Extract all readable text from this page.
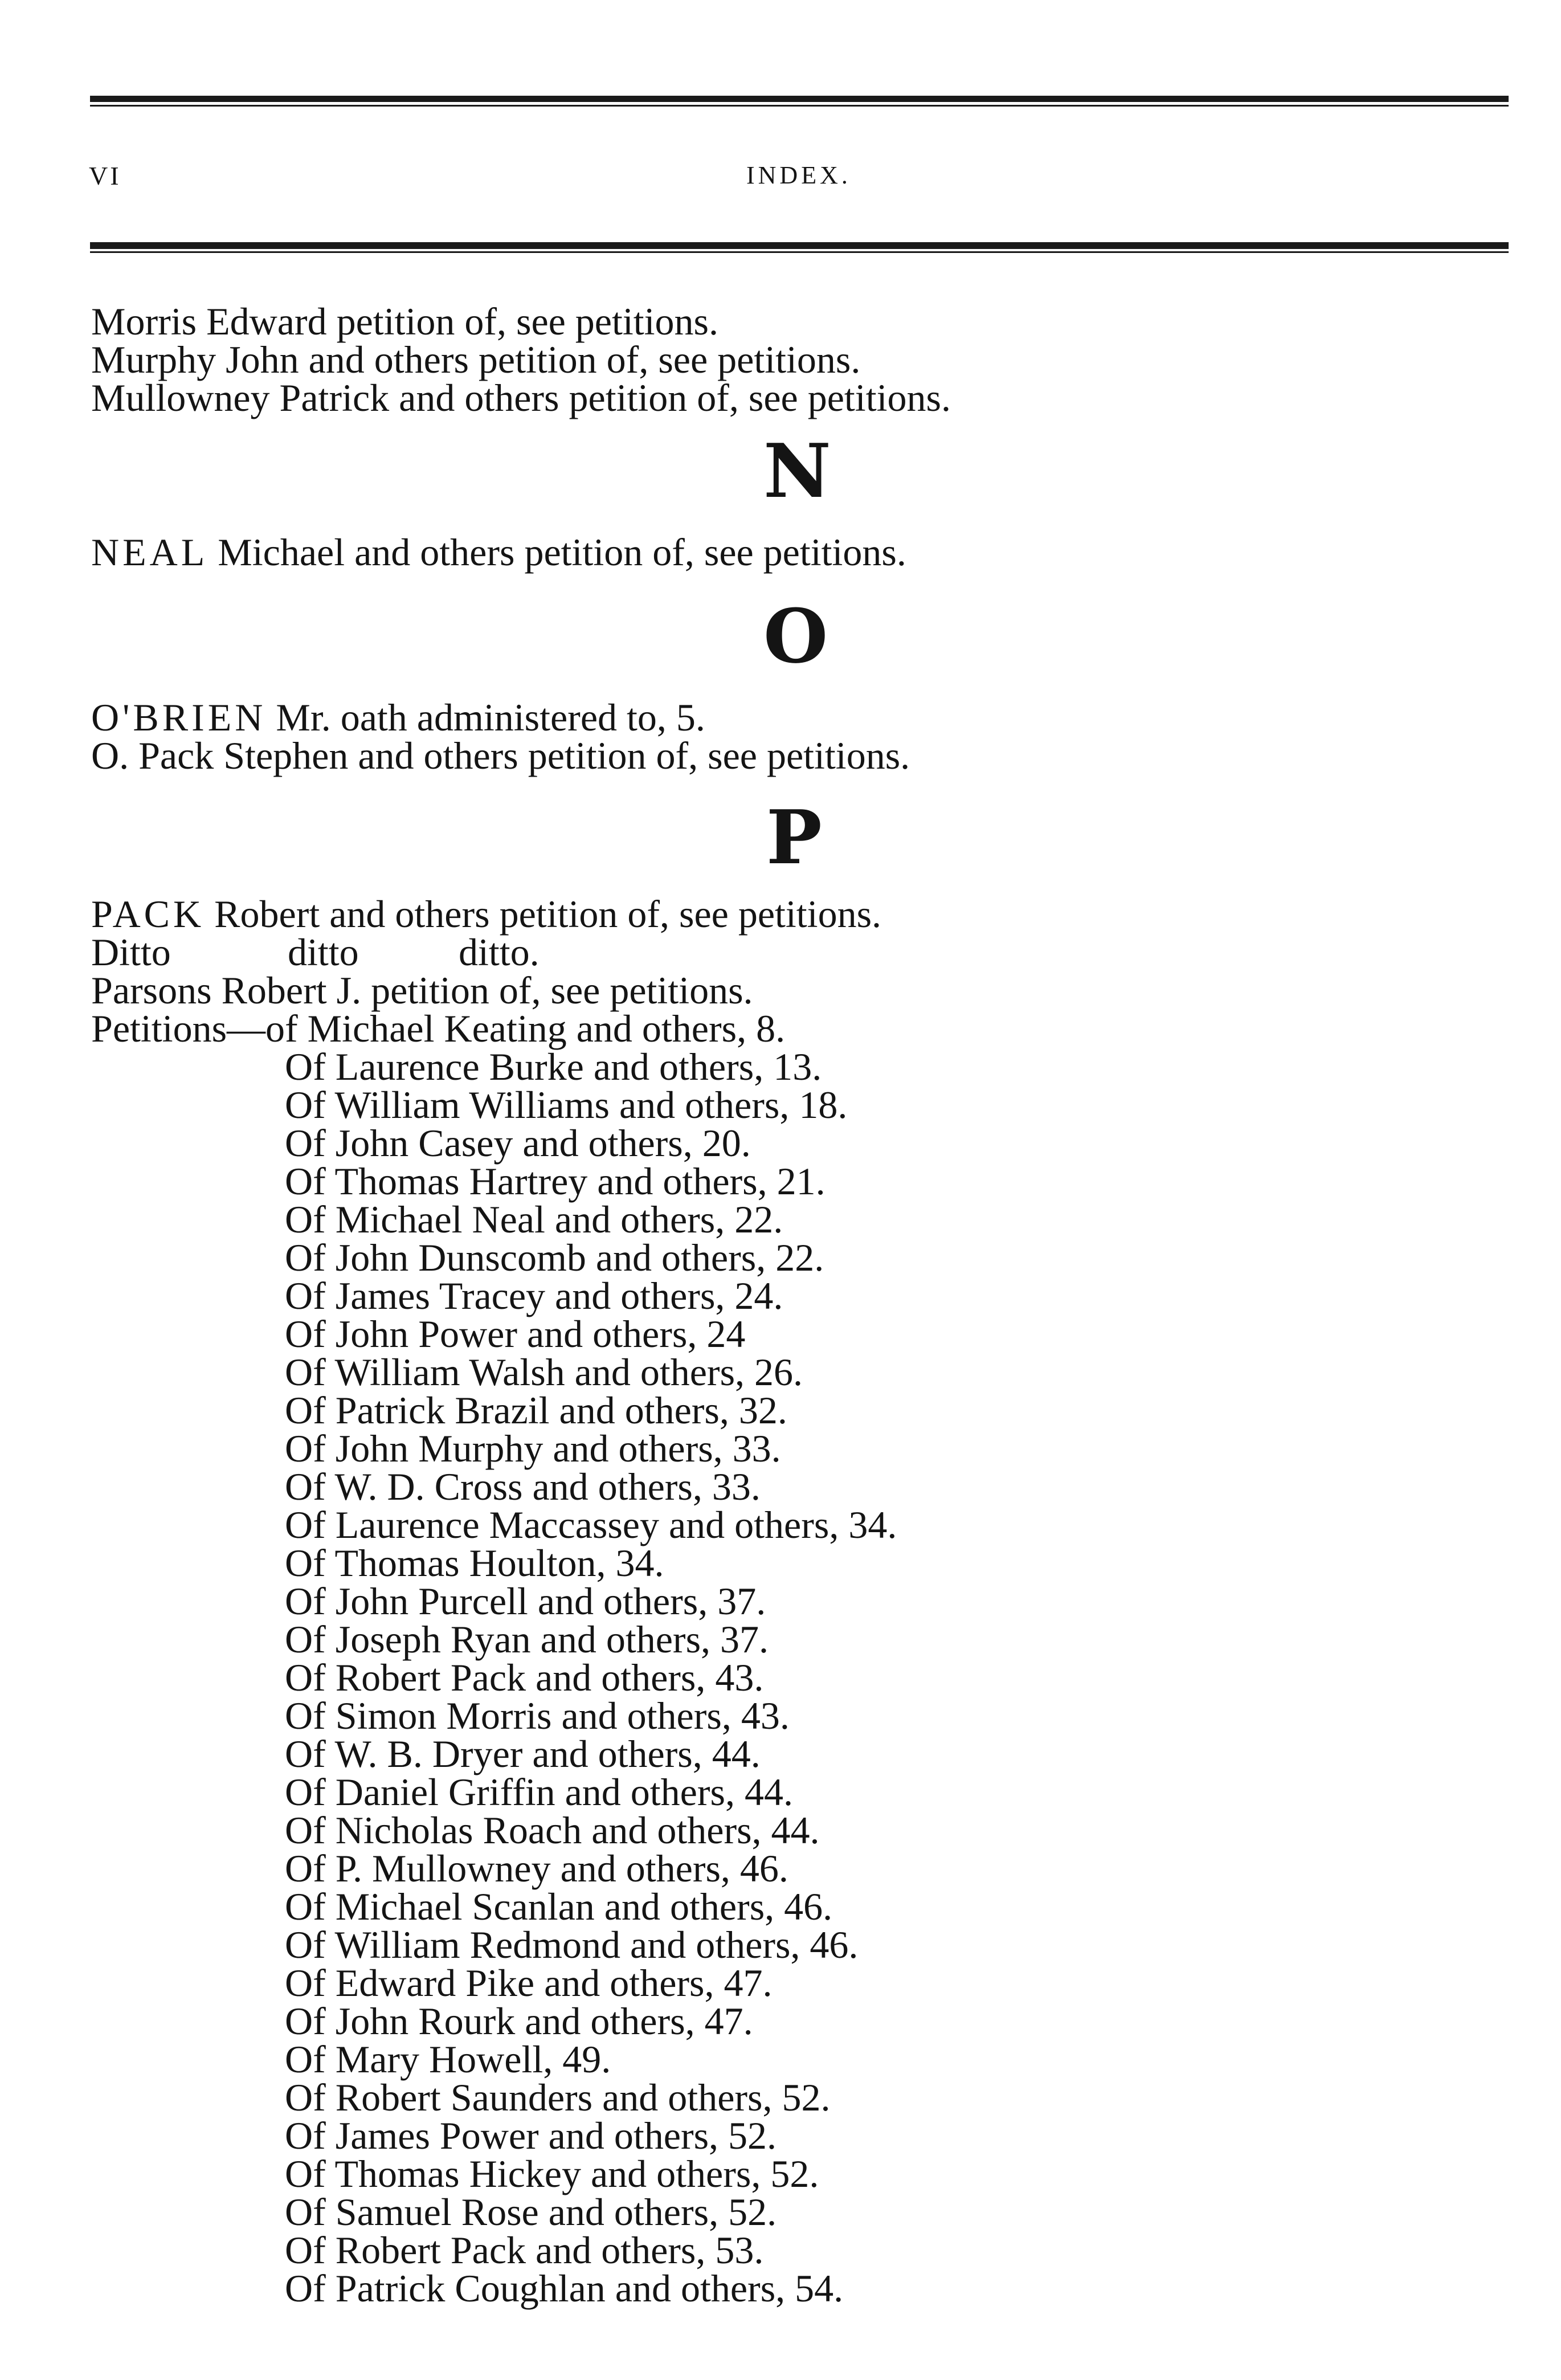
VI	INDEX.
Morris Edward petition of, see petitions.
Murphy John and others petition of, see petitions.
Mullowney Patrick and others petition of, see petitions.
N
NEAL Michael and others petition of, see petitions.
O
O'BRIEN Mr. oath administered to, 5.
O. Pack Stephen and others petition of, see petitions.
P
PACK Robert and others petition of, see petitions.
Ditto	ditto	ditto.
Parsons Robert J. petition of, see petitions.
Petitions—of Michael Keating and others, 8.
Of Laurence Burke and others, 13.
Of William Williams and others, 18.
Of John Casey and others, 20.
Of Thomas Hartrey and others, 21.
Of Michael Neal and others, 22.
Of John Dunscomb and others, 22.
Of James Tracey and others, 24.
Of John Power and others, 24
Of William Walsh and others, 26.
Of Patrick Brazil and others, 32.
Of John Murphy and others, 33.
Of W. D. Cross and others, 33.
Of Laurence Maccassey and others, 34.
Of Thomas Houlton, 34.
Of John Purcell and others, 37.
Of Joseph Ryan and others, 37.
Of Robert Pack and others, 43.
Of Simon Morris and others, 43.
Of W. B. Dryer and others, 44.
Of Daniel Griffin and others, 44.
Of Nicholas Roach and others, 44.
Of P. Mullowney and others, 46.
Of Michael Scanlan and others, 46.
Of William Redmond and others, 46.
Of Edward Pike and others, 47.
Of John Rourk and others, 47.
Of Mary Howell, 49.
Of Robert Saunders and others, 52.
Of James Power and others, 52.
Of Thomas Hickey and others, 52.
Of Samuel Rose and others, 52.
Of Robert Pack and others, 53.
Of Patrick Coughlan and others, 54.
